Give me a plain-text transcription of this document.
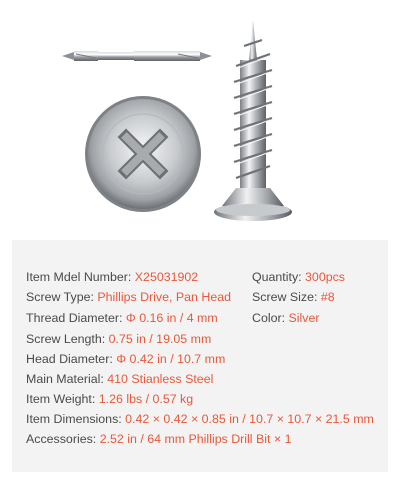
Item Mdel Number: X25031902	Quantity: 300pcs
Screw Type: Phillips Drive, Pan Head Screw Size: #8
Thread Diameter: Φ 0.16 in / 4 mm	Color: Silver
Screw Length: 0.75 in / 19.05 mm
Head Diameter: Φ 0.42 in / 10.7 mm
Main Material: 410 Stianless Steel
Item Weight: 1.26 lbs / 0.57 kg
Item Dimensions: 0.42 × 0.42 × 0.85 in / 10.7 × 10.7 × 21.5 mm
Accessories: 2.52 in / 64 mm Phillips Drill Bit × 1
